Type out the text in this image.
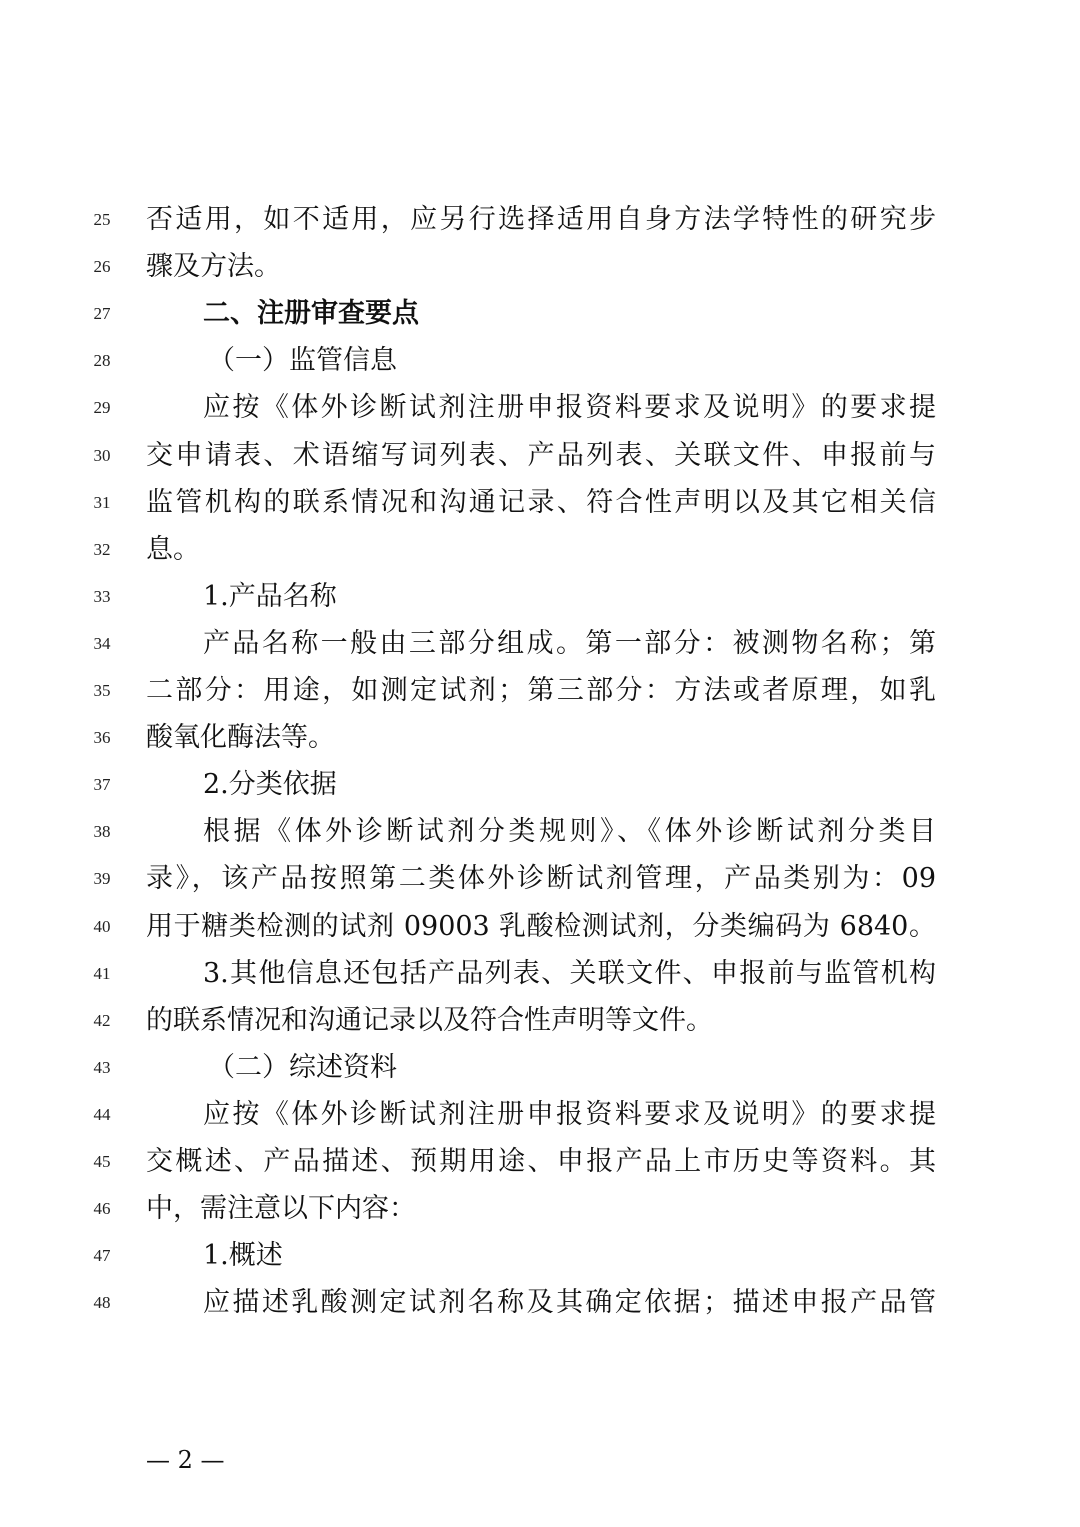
25	否适用，如不适用，应另行选择适用自身方法学特性的研究步
26	骤及方法。
27	二、注册审查要点
28	（一）监管信息
29	应按《体外诊断试剂注册申报资料要求及说明》的要求提
30	交申请表、术语缩写词列表、产品列表、关联文件、申报前与
31	监管机构的联系情况和沟通记录、符合性声明以及其它相关信
32	息。
33	1.产品名称
34	产品名称一般由三部分组成。第一部分：被测物名称；第
35	二部分：用途，如测定试剂；第三部分：方法或者原理，如乳
36	酸氧化酶法等。
37	2.分类依据
38	根据《体外诊断试剂分类规则》、《体外诊断试剂分类目
39	录》，该产品按照第二类体外诊断试剂管理，产品类别为：09
40	用于糖类检测的试剂 09003 乳酸检测试剂，分类编码为 6840。
41	3.其他信息还包括产品列表、关联文件、申报前与监管机构
42	的联系情况和沟通记录以及符合性声明等文件。
43	（二）综述资料
44	应按《体外诊断试剂注册申报资料要求及说明》的要求提
45	交概述、产品描述、预期用途、申报产品上市历史等资料。其
46	中，需注意以下内容：
47	1.概述
48	应描述乳酸测定试剂名称及其确定依据；描述申报产品管
— 2 —
